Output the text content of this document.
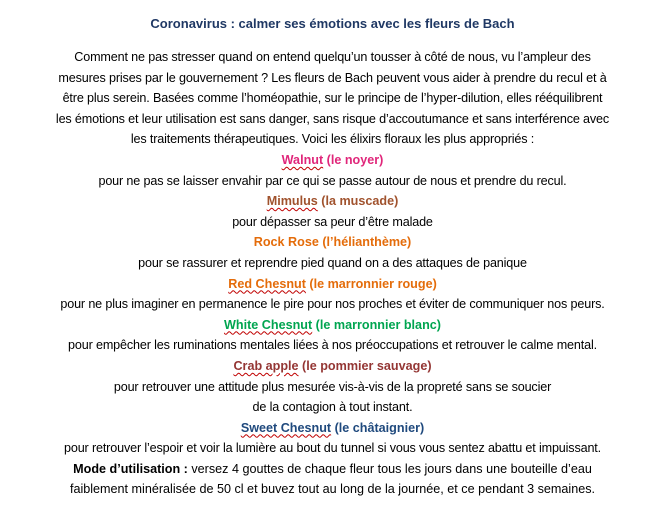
Coronavirus : calmer ses émotions avec les fleurs de Bach
Comment ne pas stresser quand on entend quelqu’un tousser à côté de nous, vu l’ampleur des
mesures prises par le gouvernement ? Les fleurs de Bach peuvent vous aider à prendre du recul et à
être plus serein. Basées comme l’homéopathie, sur le principe de l’hyper-dilution, elles rééquilibrent
les émotions et leur utilisation est sans danger, sans risque d’accoutumance et sans interférence avec
les traitements thérapeutiques. Voici les élixirs floraux les plus appropriés :
Walnut (le noyer)
pour ne pas se laisser envahir par ce qui se passe autour de nous et prendre du recul.
Mimulus (la muscade)
pour dépasser sa peur d’être malade
Rock Rose (l’hélianthème)
pour se rassurer et reprendre pied quand on a des attaques de panique
Red Chesnut (le marronnier rouge)
pour ne plus imaginer en permanence le pire pour nos proches et éviter de communiquer nos peurs.
White Chesnut (le marronnier blanc)
pour empêcher les ruminations mentales liées à nos préoccupations et retrouver le calme mental.
Crab apple (le pommier sauvage)
pour retrouver une attitude plus mesurée vis-à-vis de la propreté sans se soucier
de la contagion à tout instant.
Sweet Chesnut (le châtaignier)
pour retrouver l’espoir et voir la lumière au bout du tunnel si vous vous sentez abattu et impuissant.
Mode d’utilisation : versez 4 gouttes de chaque fleur tous les jours dans une bouteille d’eau
faiblement minéralisée de 50 cl et buvez tout au long de la journée, et ce pendant 3 semaines.
